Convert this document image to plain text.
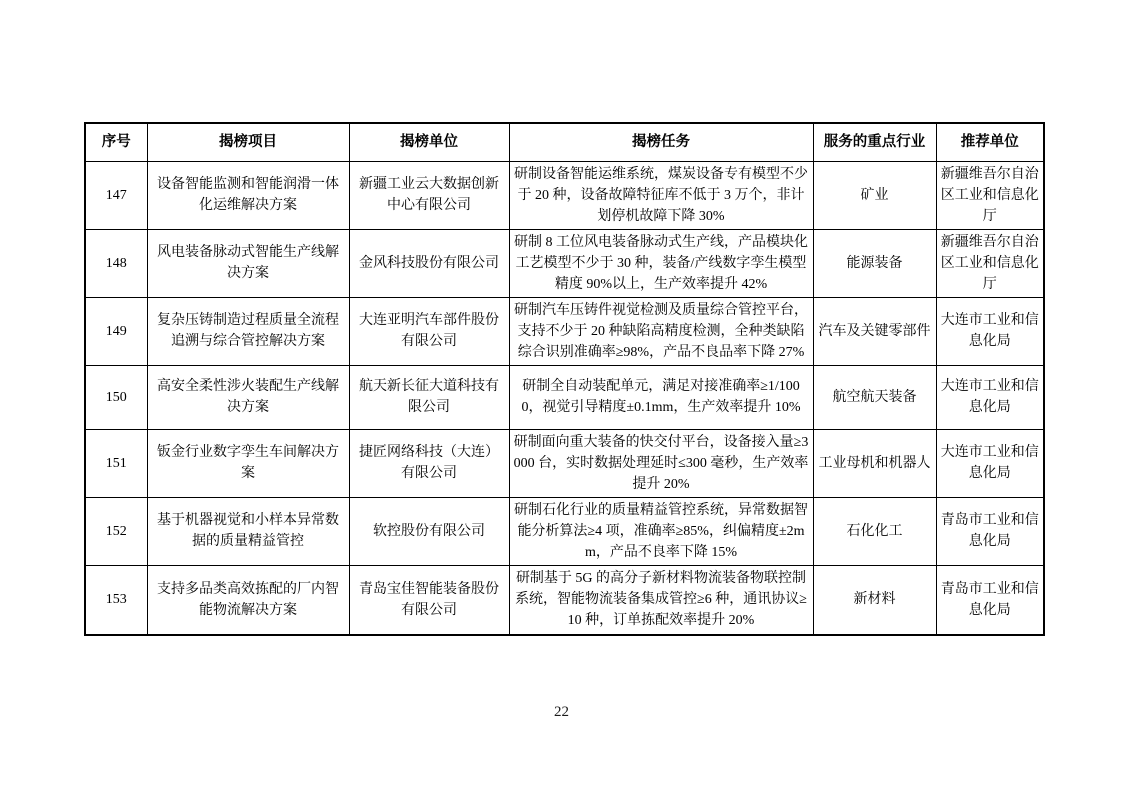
序号	揭榜项目	揭榜单位	揭榜任务	服务的重点行业	推荐单位
147	设备智能监测和智能润滑一体化运维解决方案	新疆工业云大数据创新中心有限公司	研制设备智能运维系统，煤炭设备专有模型不少于 20 种，设备故障特征库不低于 3 万个，非计划停机故障下降 30%	矿业	新疆维吾尔自治区工业和信息化厅
148	风电装备脉动式智能生产线解决方案	金风科技股份有限公司	研制 8 工位风电装备脉动式生产线，产品模块化工艺模型不少于 30 种，装备/产线数字孪生模型精度 90%以上，生产效率提升 42%	能源装备	新疆维吾尔自治区工业和信息化厅
149	复杂压铸制造过程质量全流程追溯与综合管控解决方案	大连亚明汽车部件股份有限公司	研制汽车压铸件视觉检测及质量综合管控平台，支持不少于 20 种缺陷高精度检测，全种类缺陷综合识别准确率≥98%，产品不良品率下降 27%	汽车及关键零部件	大连市工业和信息化局
150	高安全柔性涉火装配生产线解决方案	航天新长征大道科技有限公司	研制全自动装配单元，满足对接准确率≥1/1000，视觉引导精度±0.1mm，生产效率提升 10%	航空航天装备	大连市工业和信息化局
151	钣金行业数字孪生车间解决方案	捷匠网络科技（大连）有限公司	研制面向重大装备的快交付平台，设备接入量≥3000 台，实时数据处理延时≤300 毫秒，生产效率提升 20%	工业母机和机器人	大连市工业和信息化局
152	基于机器视觉和小样本异常数据的质量精益管控	软控股份有限公司	研制石化行业的质量精益管控系统，异常数据智能分析算法≥4 项，准确率≥85%，纠偏精度±2mm，产品不良率下降 15%	石化化工	青岛市工业和信息化局
153	支持多品类高效拣配的厂内智能物流解决方案	青岛宝佳智能装备股份有限公司	研制基于 5G 的高分子新材料物流装备物联控制系统，智能物流装备集成管控≥6 种，通讯协议≥10 种，订单拣配效率提升 20%	新材料	青岛市工业和信息化局
22
